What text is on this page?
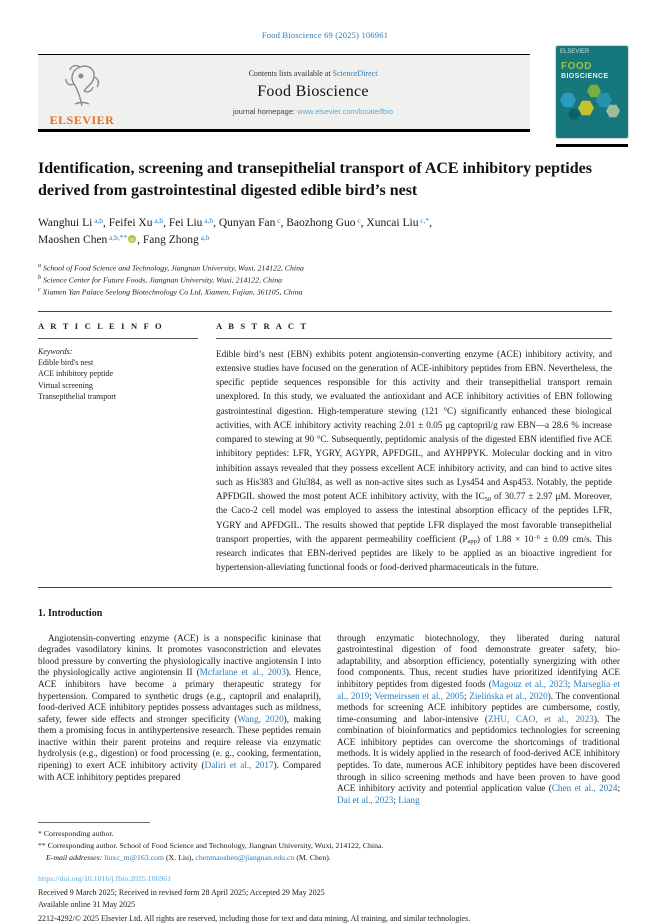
Food Bioscience 69 (2025) 106961
ELSEVIER
Contents lists available at ScienceDirect
Food Bioscience
journal homepage: www.elsevier.com/locate/fbio
ELSEVIER
FOOD
BIOSCIENCE
Identification, screening and transepithelial transport of ACE inhibitory peptides derived from gastrointestinal digested edible bird’s nest

Wanghui Li $^{a,b}$, Feifei Xu $^{a,b}$, Fei Liu $^{a,b}$, Qunyan Fan $^c$, Baozhong Guo $^c$, Xuncai Liu $^{c,*}$,
Maoshen Chen $^{a,b,**}$ iD , Fang Zhong $^{a,b}$

$^a$ School of Food Science and Technology, Jiangnan University, Wuxi, 214122, China
$^b$ Science Center for Future Foods, Jiangnan University, Wuxi, 214122, China
$^c$ Xiamen Yan Palace Seelong Biotechnology Co Ltd, Xiamen, Fujian, 361105, China
A R T I C L E I N F O
Keywords:
Edible bird's nest
ACE inhibitory peptide
Virtual screening
Transepithelial transport
A B S T R A C T
Edible bird’s nest (EBN) exhibits potent angiotensin-converting enzyme (ACE) inhibitory activity, and extensive studies have focused on the generation of ACE-inhibitory peptides from EBN. Nevertheless, the specific peptide sequences responsible for this activity and their transepithelial transport remain unexplored. In this study, we evaluated the antioxidant and ACE inhibitory activities of EBN following gastrointestinal digestion. High-temperature stewing (121 °C) significantly enhanced these biological activities, with ACE inhibitory activity reaching 2.01 ± 0.05 μg captopril/g raw EBN—a 28.6 % increase compared to stewing at 90 °C. Subsequently, peptidomic analysis of the digested EBN identified five ACE inhibitory peptides: LFR, YGRY, AGYPR, APFDGIL, and AYHPPYK. Molecular docking and in vitro inhibition assays revealed that they possess excellent ACE inhibitory activity, and can bind to active sites such as His383 and Glu384, as well as non-active sites such as Lys454 and Asp453. Notably, the peptide APFDGIL showed the most potent ACE inhibitory activity, with the IC50 of 30.77 ± 2.97 μM. Moreover, the Caco-2 cell model was employed to assess the intestinal absorption efficacy of the peptides LFR, YGRY and APFDGIL. The results showed that peptide LFR displayed the most favorable transepithelial transport properties, with the apparent permeability coefficient (Papp) of $1.88 \times 10^{-6} \pm 0.09$ cm/s. This research indicates that EBN-derived peptides are likely to be applied as an bioactive ingredient for hypertension-alleviating functional foods or food-derived pharmaceuticals in the future.
1. Introduction

Angiotensin-converting enzyme (ACE) is a nonspecific kininase that degrades vasodilatory kinins. It promotes vasoconstriction and elevates blood pressure by converting the physiologically inactive angiotensin I into the physiologically active angiotensin II (Mcfarlane et al., 2003). Hence, ACE inhibitors have become a primary therapeutic strategy for hypertension. Compared to synthetic drugs (e.g., captopril and enalapril), food-derived ACE inhibitory peptides possess advantages such as mildness, safety, fewer side effects and stronger specificity (Wang, 2020), making them a promising focus in antihypertensive research. These peptides remain inactive within their parent proteins and require release via enzymatic hydrolysis (e.g., digestion) or food processing (e. g., cooking, fermentation, ripening) to exert ACE inhibitory activity (Daliri et al., 2017). Compared with ACE inhibitory peptides prepared

through enzymatic biotechnology, they liberated during natural gastrointestinal digestion of food demonstrate greater safety, bio-adaptability, and absorption efficiency, potentially synergizing with other food components. Thus, recent studies have prioritized identifying ACE inhibitory peptides from digested foods (Magouz et al., 2023; Marseglia et al., 2019; Vermeirssen et al., 2005; Zielińska et al., 2020). The conventional methods for screening ACE inhibitory peptides are cumbersome, costly, time-consuming and labor-intensive (ZHU, CAO, et al., 2023). The combination of bioinformatics and peptidomics technologies for screening ACE inhibitory peptides can overcome the shortcomings of traditional methods. It is widely applied in the research of food-derived ACE inhibitory peptides. To date, numerous ACE inhibitory peptides have been discovered through in silico screening methods and have been proven to have good ACE inhibitory activity and potential application value (Chen et al., 2024; Dai et al., 2023; Liang

* Corresponding author.
** Corresponding author. School of Food Science and Technology, Jiangnan University, Wuxi, 214122, China.
E-mail addresses: liuxc_m@163.com (X. Liu), chenmaoshen@jiangnan.edu.cn (M. Chen).
https://doi.org/10.1016/j.fbio.2025.106961
Received 9 March 2025; Received in revised form 28 April 2025; Accepted 29 May 2025
Available online 31 May 2025
2212-4292/© 2025 Elsevier Ltd. All rights are reserved, including those for text and data mining, AI training, and similar technologies.
